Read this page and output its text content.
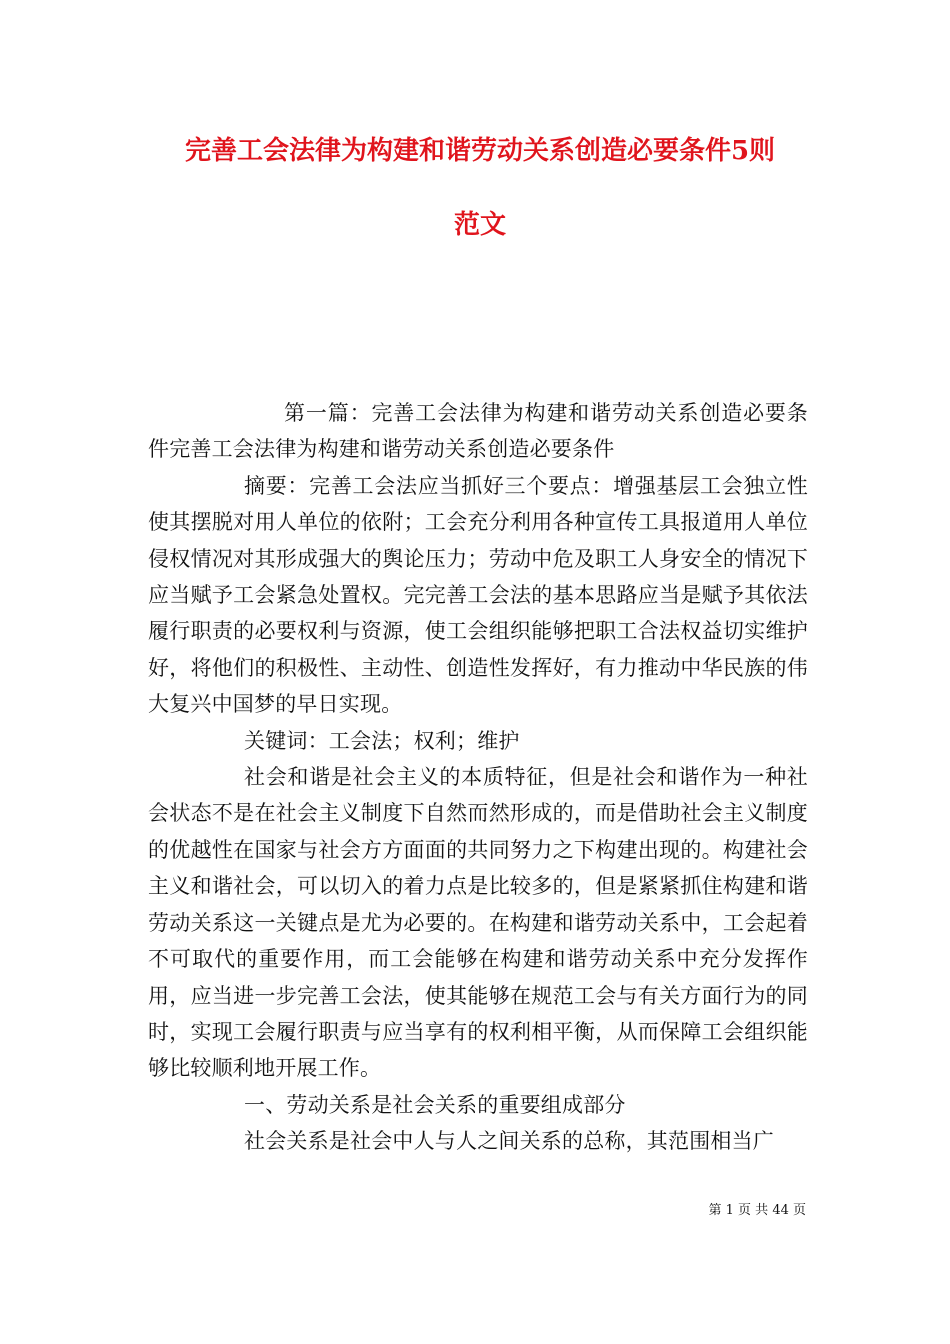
完善工会法律为构建和谐劳动关系创造必要条件5则
范文

第一篇：完善工会法律为构建和谐劳动关系创造必要条件完善工会法律为构建和谐劳动关系创造必要条件

摘要：完善工会法应当抓好三个要点：增强基层工会独立性使其摆脱对用人单位的依附；工会充分利用各种宣传工具报道用人单位侵权情况对其形成强大的舆论压力；劳动中危及职工人身安全的情况下应当赋予工会紧急处置权。完完善工会法的基本思路应当是赋予其依法履行职责的必要权利与资源，使工会组织能够把职工合法权益切实维护好，将他们的积极性、主动性、创造性发挥好，有力推动中华民族的伟大复兴中国梦的早日实现。

关键词：工会法；权利；维护

社会和谐是社会主义的本质特征，但是社会和谐作为一种社会状态不是在社会主义制度下自然而然形成的，而是借助社会主义制度的优越性在国家与社会方方面面的共同努力之下构建出现的。构建社会主义和谐社会，可以切入的着力点是比较多的，但是紧紧抓住构建和谐劳动关系这一关键点是尤为必要的。在构建和谐劳动关系中，工会起着不可取代的重要作用，而工会能够在构建和谐劳动关系中充分发挥作用，应当进一步完善工会法，使其能够在规范工会与有关方面行为的同时，实现工会履行职责与应当享有的权利相平衡，从而保障工会组织能够比较顺利地开展工作。

一、劳动关系是社会关系的重要组成部分

社会关系是社会中人与人之间关系的总称，其范围相当广

第 1 页 共 44 页
